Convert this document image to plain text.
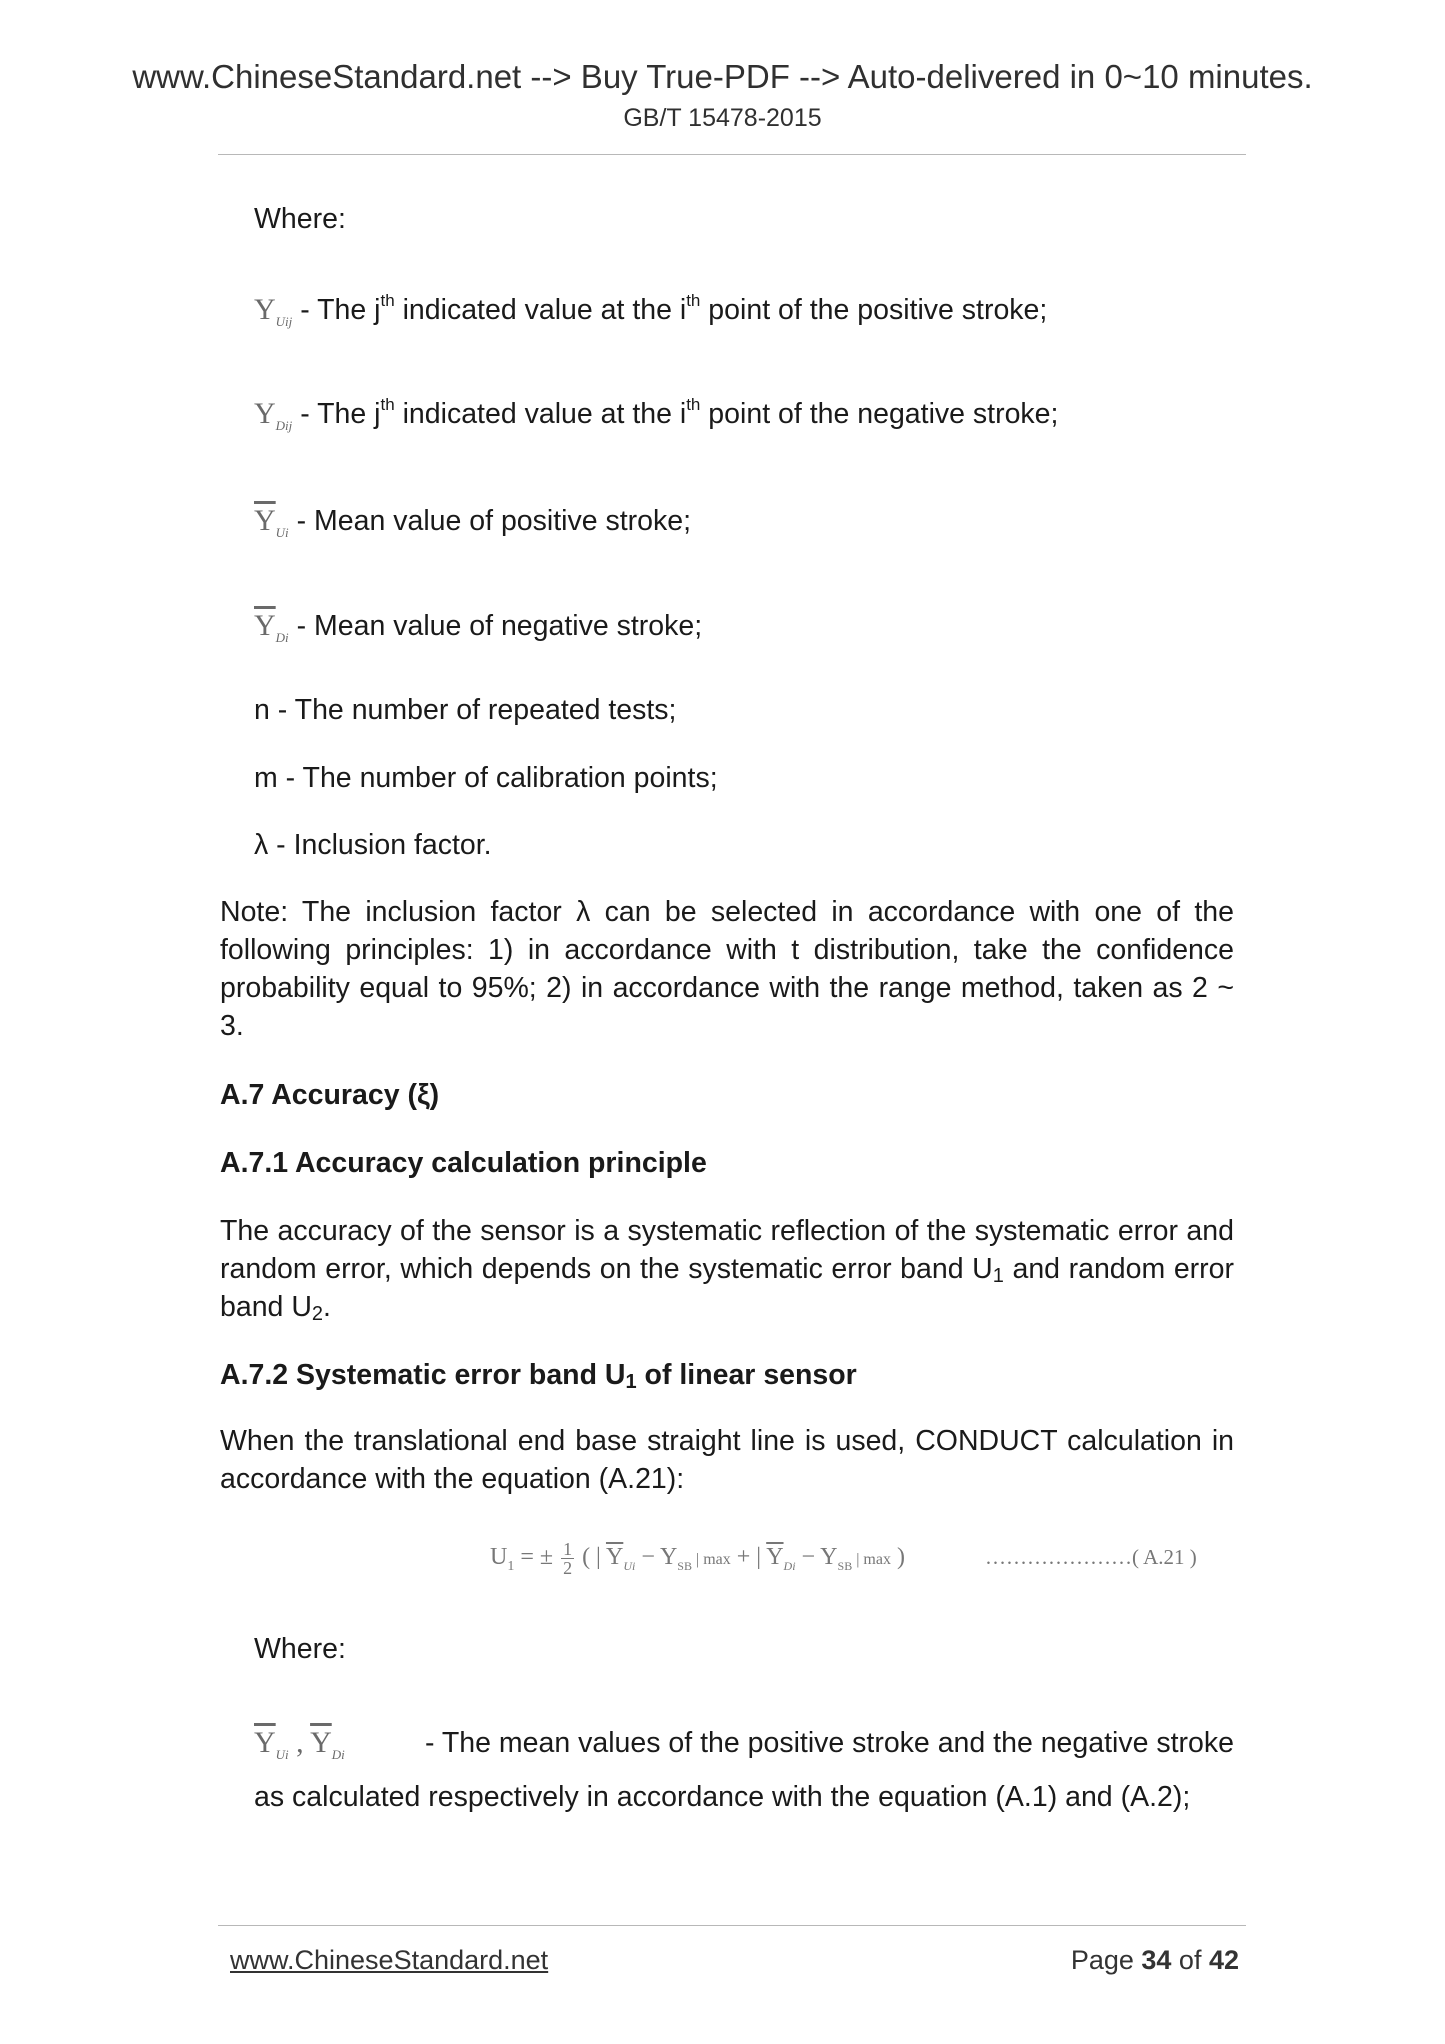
www.ChineseStandard.net --> Buy True-PDF --> Auto-delivered in 0~10 minutes.
GB/T 15478-2015
Where:
$Y_{Uij}$ - The $j^{th}$ indicated value at the $i^{th}$ point of the positive stroke;
$Y_{Dij}$ - The $j^{th}$ indicated value at the $i^{th}$ point of the negative stroke;
$\overline{Y}_{Ui}$ - Mean value of positive stroke;
$\overline{Y}_{Di}$ - Mean value of negative stroke;
n - The number of repeated tests;
m - The number of calibration points;
λ - Inclusion factor.
Note: The inclusion factor λ can be selected in accordance with one of the following principles: 1) in accordance with t distribution, take the confidence probability equal to 95%; 2) in accordance with the range method, taken as 2 ~ 3.
A.7 Accuracy (ξ)
A.7.1 Accuracy calculation principle
The accuracy of the sensor is a systematic reflection of the systematic error and random error, which depends on the systematic error band $U_1$ and random error band $U_2$.
A.7.2 Systematic error band $U_1$ of linear sensor
When the translational end base straight line is used, CONDUCT calculation in accordance with the equation (A.21):
$U_1$ = ± $\frac{1}{2}$ ( | $\overline{Y}_{Ui} - Y_{SB}$ | max + | $\overline{Y}_{Di} - Y_{SB}$ | max )	…………………( A.21 )
Where:
$\overline{Y}_{Ui}$ , $\overline{Y}_{Di}$	- The mean values of the positive stroke and the negative stroke
as calculated respectively in accordance with the equation (A.1) and (A.2);
www.ChineseStandard.net	Page 34 of 42
